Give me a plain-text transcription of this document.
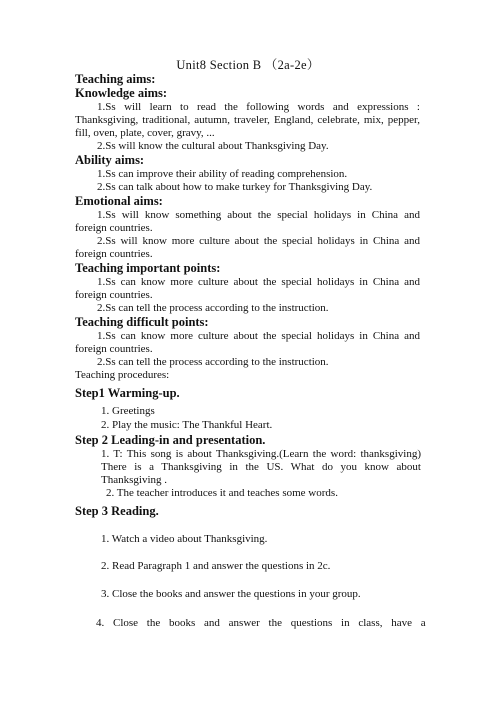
Unit8 Section B （2a-2e）
Teaching aims:
Knowledge aims:
1.Ss will learn to read the following words and expressions : Thanksgiving, traditional, autumn, traveler, England, celebrate, mix, pepper, fill, oven, plate, cover, gravy, ...
2.Ss will know the cultural about Thanksgiving Day.
Ability aims:
1.Ss can improve their ability of reading comprehension.
2.Ss can talk about how to make turkey for Thanksgiving Day.
Emotional aims:
1.Ss will know something about the special holidays in China and foreign countries.
2.Ss will know more culture about the special holidays in China and foreign countries.
Teaching important points:
1.Ss can know more culture about the special holidays in China and foreign countries.
2.Ss can tell the process according to the instruction.
Teaching difficult points:
1.Ss can know more culture about the special holidays in China and foreign countries.
2.Ss can tell the process according to the instruction.
Teaching procedures:
Step1 Warming-up.
1. Greetings
2. Play the music: The Thankful Heart.
Step 2 Leading-in and presentation.
1. T: This song is about Thanksgiving.(Learn the word: thanksgiving) There is a Thanksgiving in the US. What do you know about Thanksgiving .
2. The teacher introduces it and teaches some words.
Step 3 Reading.
1. Watch a video about Thanksgiving.
2. Read Paragraph 1 and answer the questions in 2c.
3. Close the books and answer the questions in your group.
4. Close the books and answer the questions in class, have a
